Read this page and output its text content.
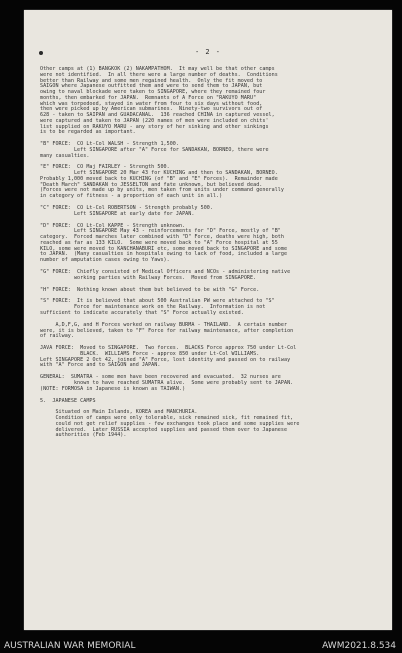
- 2 -
Other camps at (1) BANGKOK (2) NAKAMPATHOM.  It may well be that other camps
were not identified.  In all there were a large number of deaths.  Conditions
better than Railway and some men regained health.  Only the fit moved to
SAIGON where Japanese outfitted them and were to send them to JAPAN, but
owing to naval blockade were taken to SINGAPORE, where they remained four
months, then embarked for JAPAN.  Remnants of A Force on "RAKUYO MARU"
which was torpedoed, stayed in water from four to six days without food,
then were picked up by American submarines.  Ninety-two survivors out of
628 - taken to SAIPAN and GUADACANAL.  136 reached CHINA in captured vessel,
were captured and taken to JAPAN (220 names of men were included on chits'
list supplied on RAKUYO MARU - any story of her sinking and other sinkings
is to be regarded as important.
"B" FORCE:  CO Lt-Col WALSH - Strength 1,500.
Left SINGAPORE after "A" Force for SANDAKAN, BORNEO, there were
many casualties.
"E" FORCE:  CO Maj FAIRLEY - Strength 500.
Left SINGAPORE 20 Mar 43 for KUCHING and then to SANDAKAN, BORNEO.
Probably 1,000 moved back to KUCHING (of "B" and "E" Forces).  Remainder made
"Death March" SANDAKAN to JESSELTON and fate unknown, but believed dead.
(Forces were not made up by units, men taken from units under command generally
in category of fitness - a proportion of each unit in all.)
"C" FORCE:  CO Lt-Col ROBERTSON - Strength probably 500.
Left SINGAPORE at early date for JAPAN.
"D" FORCE:  CO Lt-Col KAPPE - Strength unknown.
Left SINGAPORE May 43 - reinforcements for "D" Force, mostly of "B"
category.  Forced marches later combined with "D" Force, deaths were high, both
reached as far as 133 KILO.  Some were moved back to "A" Force hospital at 55
KILO, some were moved to KANCHANABURI etc, some moved back to SINGAPORE and some
to JAPAN.  (Many casualties in hospitals owing to lack of food, included a large
number of amputation cases owing to Yaws).
"G" FORCE:  Chiefly consisted of Medical Officers and NCOs - administering native
working parties with Railway Forces.  Moved from SINGAPORE.
"H" FORCE:  Nothing known about them but believed to be with "G" Force.
"S" FORCE:  It is believed that about 500 Australian PW were attached to "S"
Force for maintenance work on the Railway.  Information is not
sufficient to indicate accurately that "S" Force actually existed.
A,D,F,G, and H Forces worked on railway BURMA - THAILAND.  A certain number
were, it is believed, taken to "F" Force for railway maintenance, after completion
of railway.
JAVA FORCE:  Moved to SINGAPORE.  Two forces.  BLACKS Force approx 750 under Lt-Col
BLACK.  WILLIAMS Force - approx 850 under Lt-Col WILLIAMS.
Left SINGAPORE 2 Oct 42, joined "A" Force, lost identity and passed on to railway
with "A" Force and to SAIGON and JAPAN.
GENERAL:  SUMATRA - some men have been recovered and evacuated.  32 nurses are
known to have reached SUMATRA alive.  Some were probably sent to JAPAN.
(NOTE: FORMOSA in Japanese is known as TAIWAN.)
5.  JAPANESE CAMPS
Situated on Main Islands, KOREA and MANCHURIA.
Condition of camps were only tolerable, sick remained sick, fit remained fit,
could not get relief supplies - few exchanges took place and some supplies were
delivered.  Later RUSSIA accepted supplies and passed them over to Japanese
authorities (Feb 1944).
AUSTRALIAN WAR MEMORIAL	AWM2021.8.534
